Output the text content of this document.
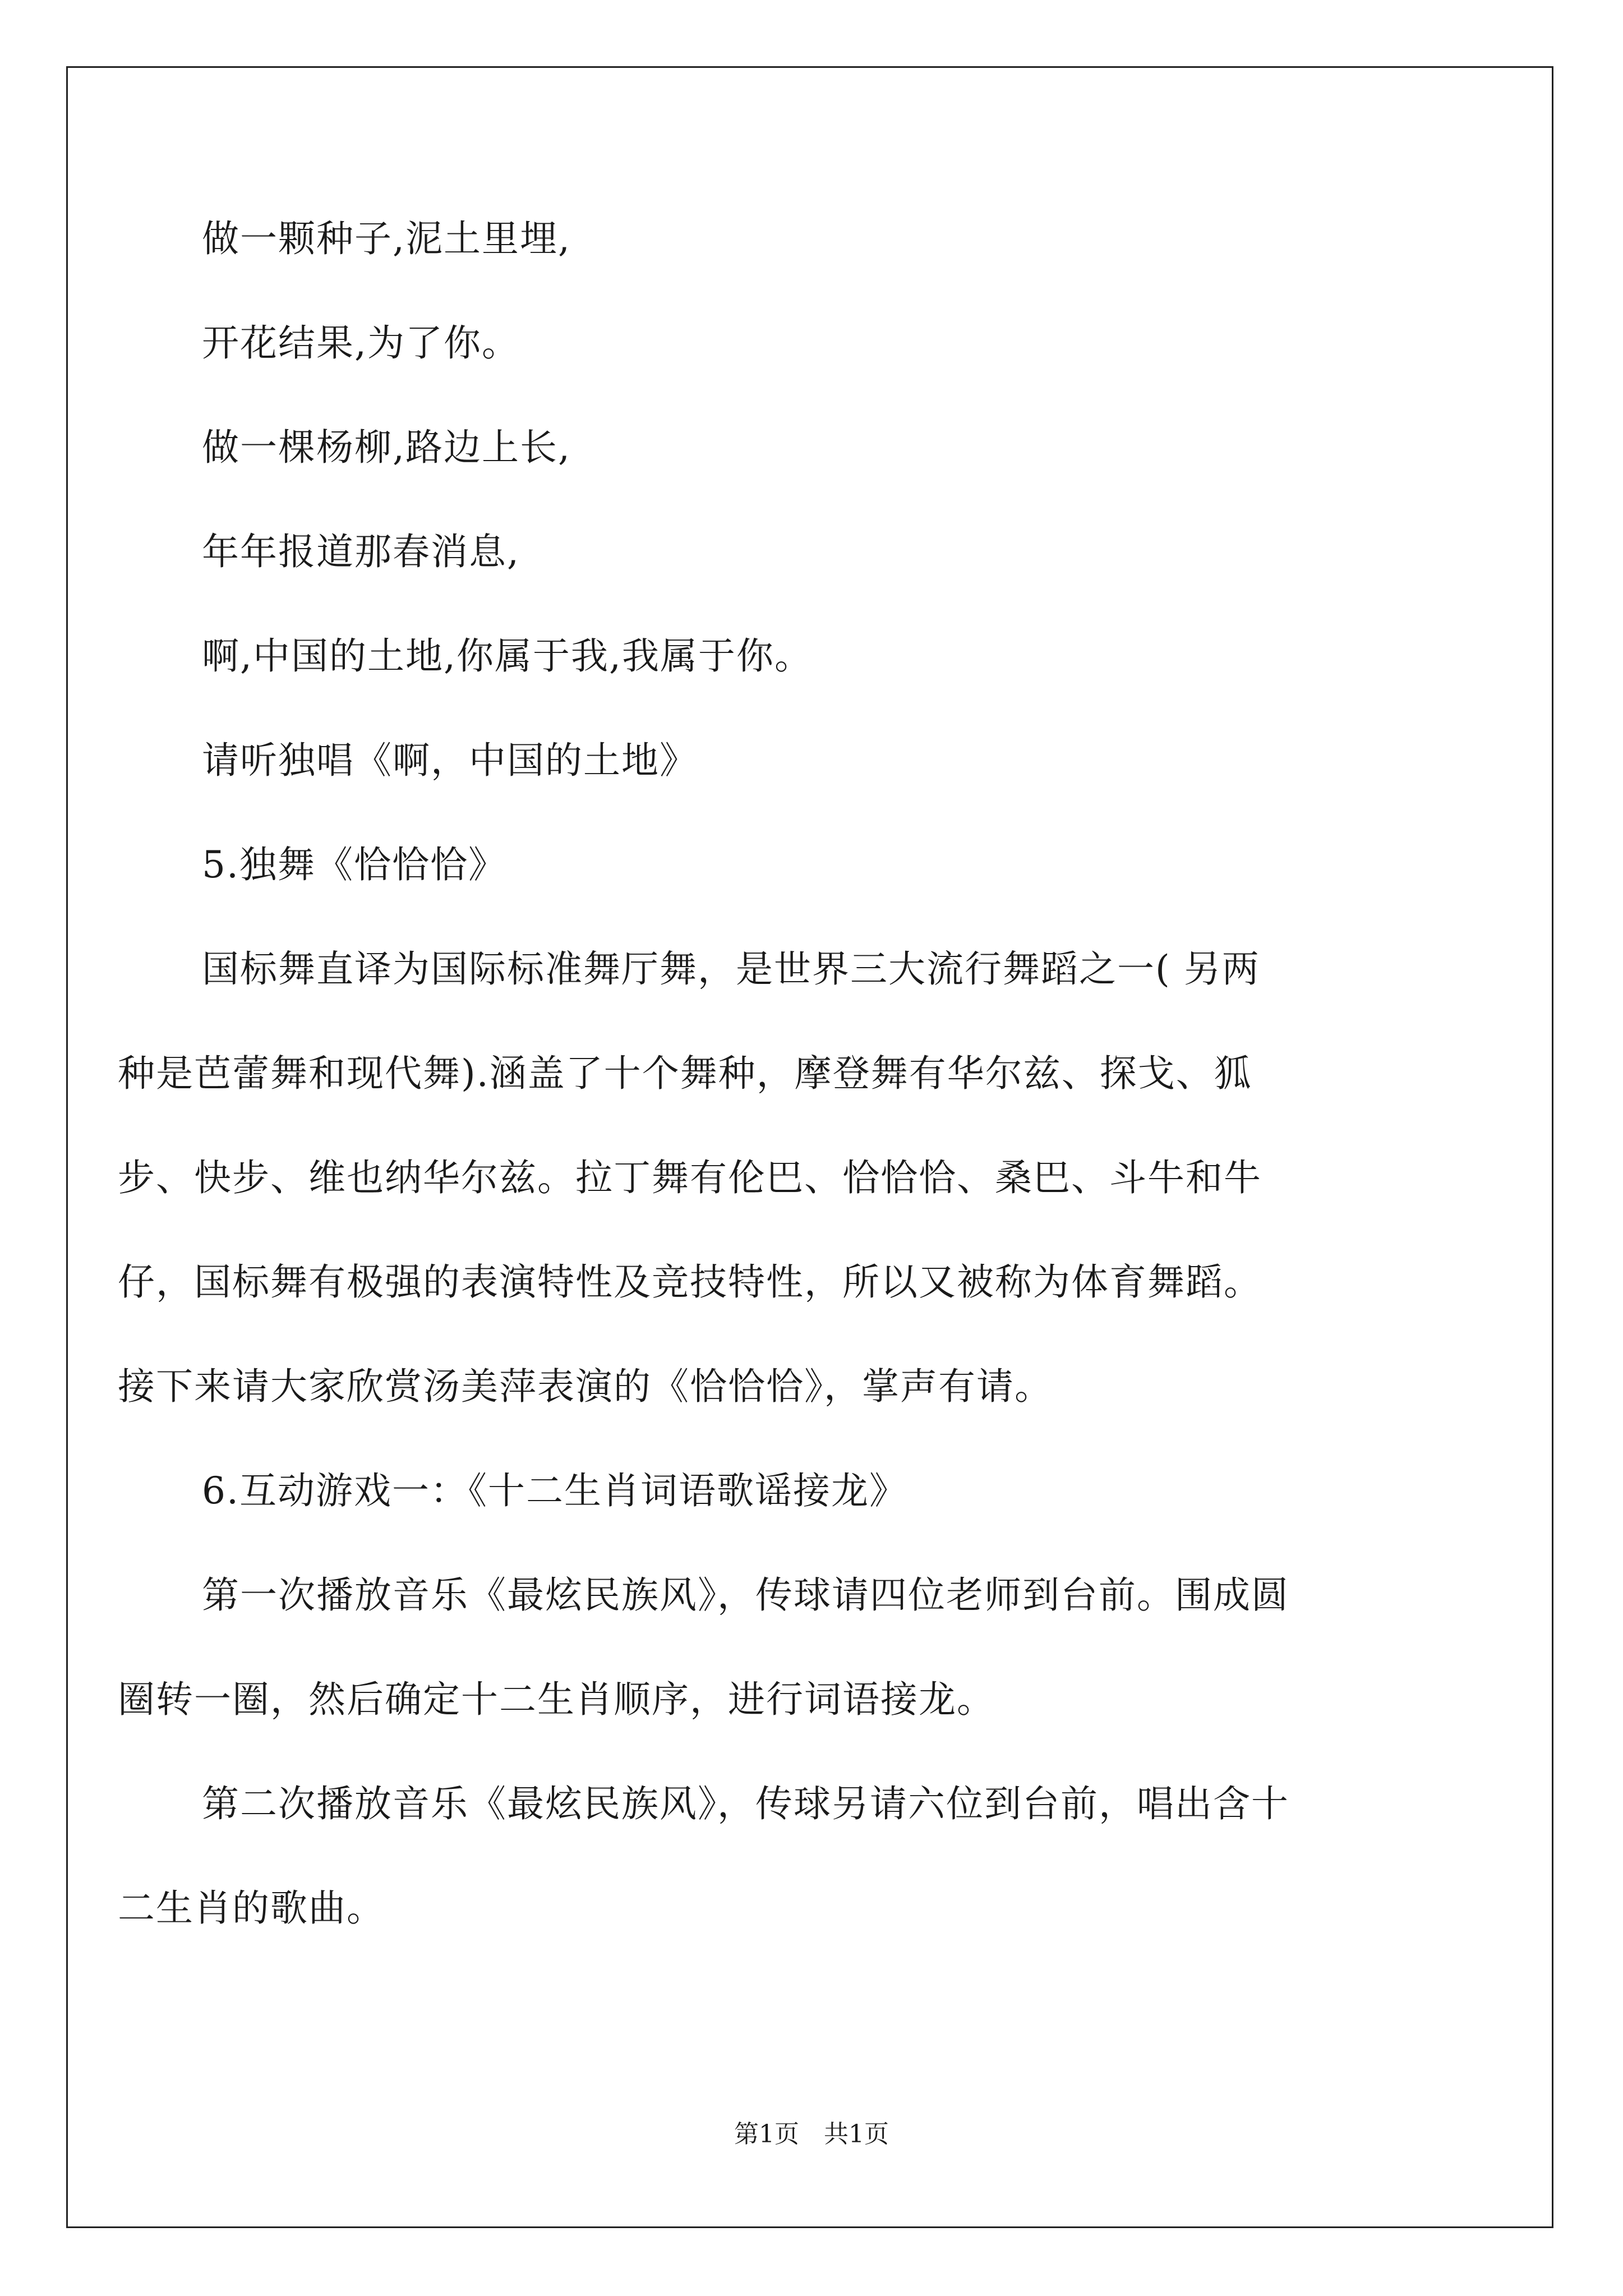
做一颗种子,泥土里埋,
开花结果,为了你。
做一棵杨柳,路边上长,
年年报道那春消息,
啊,中国的土地,你属于我,我属于你。
请听独唱《啊，中国的土地》
5.独舞《恰恰恰》
国标舞直译为国际标准舞厅舞，是世界三大流行舞蹈之一( 另两
种是芭蕾舞和现代舞).涵盖了十个舞种，摩登舞有华尔兹、探戈、狐
步、快步、维也纳华尔兹。拉丁舞有伦巴、恰恰恰、桑巴、斗牛和牛
仔，国标舞有极强的表演特性及竞技特性，所以又被称为体育舞蹈。
接下来请大家欣赏汤美萍表演的《恰恰恰》，掌声有请。
6.互动游戏一：《十二生肖词语歌谣接龙》
第一次播放音乐《最炫民族风》，传球请四位老师到台前。围成圆
圈转一圈，然后确定十二生肖顺序，进行词语接龙。
第二次播放音乐《最炫民族风》，传球另请六位到台前，唱出含十
二生肖的歌曲。
第1页　共1页
